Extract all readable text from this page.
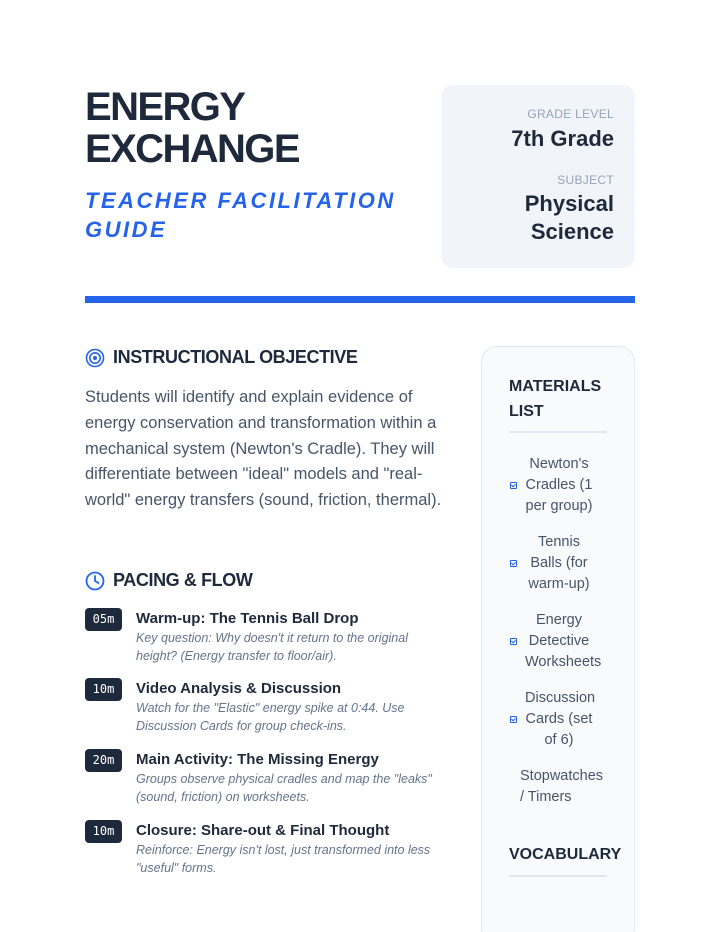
ENERGY
EXCHANGE
TEACHER FACILITATION GUIDE
GRADE LEVEL
7th Grade
SUBJECT
Physical
Science
INSTRUCTIONAL OBJECTIVE

Students will identify and explain evidence of energy conservation and transformation within a mechanical system (Newton's Cradle). They will differentiate between "ideal" models and "real-world" energy transfers (sound, friction, thermal).

PACING & FLOW
05m	Warm-up: The Tennis Ball Drop
Key question: Why doesn't it return to the original height? (Energy transfer to floor/air).
10m	Video Analysis & Discussion
Watch for the "Elastic" energy spike at 0:44. Use Discussion Cards for group check-ins.
20m	Main Activity: The Missing Energy
Groups observe physical cradles and map the "leaks" (sound, friction) on worksheets.
10m	Closure: Share-out & Final Thought
Reinforce: Energy isn't lost, just transformed into less "useful" forms.
MATERIALS LIST
Newton's Cradles (1 per group)
Tennis Balls (for warm-up)
Energy Detective Worksheets
Discussion Cards (set of 6)
Stopwatches / Timers
VOCABULARY
